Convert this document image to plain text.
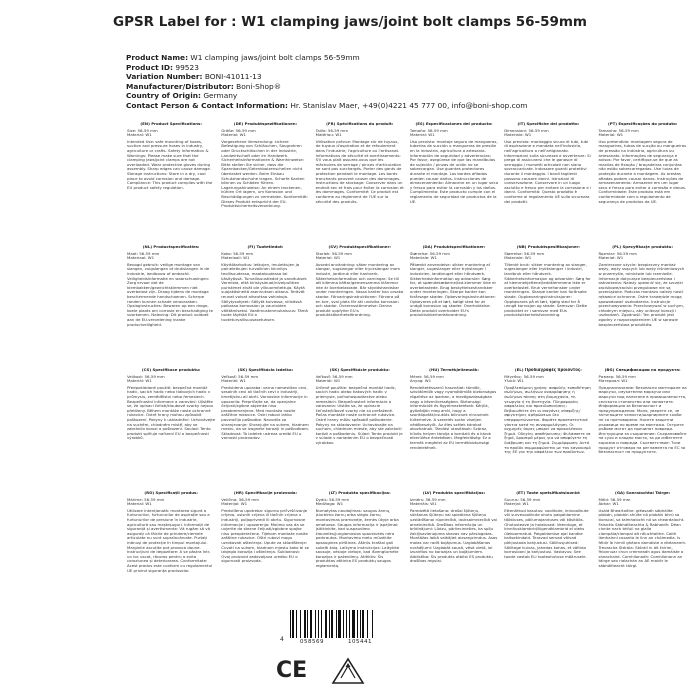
GPSR Label for : W1 clamping jaws/joint bolt clamps 56-59mm
Product Name: W1 clamping jaws/joint bolt clamps 56-59mm
Product ID: 99523
Variation Number: BONI-41011-13
Manufacturer/Distributor: Boni-Shop®
Country of Origin: Germany
Contact Person & Contact Information: Hr. Stanislav Maer, +49(0)4221 45 777 00, info@boni-shop.com
(EN) Product Specifications:
Size: 56-59 mm
Material: W1
Intended Use: safe mounting of hoses, suction and pressure hoses in industry, agriculture or crafts. Safety Information & Warnings: Please make sure that the clamping jaws/joint clamps are not overloaded. Wear protective gloves during assembly. Sharp edges can cause damage. Storage instructions: Store in a dry, cool place to avoid corrosion and damage. Compliance: This product complies with the EU product safety regulation.
(DE) Produktspezifikationen:
Größe: 56-59 mm
Material: W1
Vorgesehene Verwendung: sichere Befestigung von Schläuchen, Saugrohren oder Druckschläuchen in der Industrie, Landwirtschaft oder im Handwerk. Sicherheitsinformationen & Warnhinweise: Bitte stellen Sie sicher, dass die Spannbacken/Gelenkbolzenschellen nicht überlastet werden. Beim Einbau Schutzhandschuhe tragen. Scharfe Kanten können zu Schäden führen. Lagerungshinweise: An einem trockenen, kühlen Ort lagern, um Korrosion und Beschädigungen zu vermeiden. Konformität: Dieses Produkt entspricht der EU-Produktsicherheitsverordnung.
(FR) Spécifications du produit:
Taille: 56-59 mm
Matériau: W1
Utilisation prévue: Montage sûr de tuyaux, de tuyaux d'aspiration et de refoulement dans l'industrie, l'agriculture ou l'artisanat. Informations de sécurité et avertissements: S'il vous plaît assurez-vous que les mâchoires de serrage / pinces d'articulation ne sont pas surchargés. Porter des gants de protection pendant le montage. Les bords tranchants peuvent causer des dommages. Instructions de stockage: Conserver dans un endroit sec et frais pour éviter la corrosion et les dommages. Conformité: Ce produit est conforme au règlement de l'UE sur la sécurité des produits.
(ES) Especificaciones del producto:
Tamaño: 56-59 mm
Material: W1
Uso previsto: montaje seguro de mangueras, tuberías de succión o mangueras de presión en la industria, agricultura o artesanía. Información de seguridad y advertencias: Por favor, asegúrese de que las mandíbulas de sujeción / pinzas de unión no se sobrecargan. Use guantes protectores durante el montaje. Los bordes afilados pueden causar daños. Instrucciones de almacenamiento: Almacene en un lugar seco y fresco para evitar la corrosión y los daños. Cumplimiento: Este producto cumple con el reglamento de seguridad de productos de la UE.
(IT) Specifiche del prodotto:
Dimensioni: 56-59 mm
Materiale: W1
Uso previsto: montaggio sicuro di tubi, tubi di aspirazione e mandata nell'industria, nell'agricoltura o nell'artigianato. Informazioni sulla sicurezza e avvertenze: Si prega di assicurarsi che le ganasce di serraggio / morsetti articolati non siano sovraccaricate. Indossare guanti protettivi durante il montaggio. I bordi taglienti possono causare danni. Istruzioni di conservazione: Conservare in un luogo asciutto e fresco per evitare la corrosione e i danni. Conformità: Questo prodotto è conforme al regolamento UE sulla sicurezza dei prodotti.
(PT) Especificações do produto:
Tamanho: 56-59 mm
Material: W1
Uso pretendido: montagem segura de mangueiras, tubos de sucção ou mangueiras de pressão na indústria, agricultura ou artesanato. Informações de segurança e avisos: Por favor, certifique-se de que as maxilas de fixação / braçadeiras conjuntas não estão sobrecarregadas. Use luvas de proteção durante a montagem. As arestas afiadas podem causar danos. Instruções de armazenamento: Armazene em um lugar seco e fresco para evitar a corrosão e danos. Conformidade: Este produto está em conformidade com o regulamento de segurança de produtos da UE.
(NL) Productspecificaties:
Maat: 56-59 mm
Materiaal: W1
Beoogd gebruik: veilige montage van slangen, zuigslangen of drukslangen in de industrie, landbouw of ambacht. Veiligheidsinformatie en waarschuwingen: Zorg ervoor dat de klembakken/gewrichtsklemmen niet overbelast zijn. Draag tijdens de montage beschermende handschoenen. Scherpe randen kunnen schade veroorzaken. Opslaginstructies: Bewaren op een droge, koele plaats om corrosie en beschadiging te voorkomen. Naleving: Dit product voldoet aan de EU-verordening inzake productveiligheid.
(FI) Tuotetiedot:
Koko: 56-59 mm
Materiaali: W1
Käyttötarkoitus: letkujen, imuletkujen ja paineletkujen turvallinen kiinnitys teollisuudessa, maataloudessa tai käsityössä. Turvallisuustiedot ja varoitukset: Varmista, että kiristysleuat/nivelpulttien puristimet eivät ole ylikuormitettuja. Käytä suojakäsineitä asennuksen aikana. Terävät reunat voivat aiheuttaa vahinkoja. Säilytysohjeet: Säilytä kuivassa, viileässä paikassa korroosion ja vaurioiden välttämiseksi. Vaatimustenmukaisuus: Tämä tuote täyttää EU:n tuoteturvallisuusasetuksen.
(SV) Produktspecifikationer:
Storlek: 56-59 mm
Material: W1
Avsedd användning: säker montering av slangar, sugslangar eller tryckslangar inom industri, jordbruk eller hantverk. Säkerhetsinformation och varningar: Se till att klämma käftar/gemensamma klämmor inte är överbelastade. Bär skyddshandskar under monteringen. Vassa kanter kan orsaka skador. Förvaringsinstruktioner: Förvara på en torr, sval plats för att undvika korrosion och skador. Överensstämmelse: Denna produkt uppfyller EU:s produktsäkerhetsförordning.
(DA) Produktspecifikationer:
Størrelse: 56-59 mm
Materiale: W1
Påtænkt anvendelse: sikker montering af slanger, sugeslanger eller trykslanger i industrien, landbruget eller håndværk. Sikkerhedsinformation og advarsler: Sørg for, at spændekæberne/led-klemmer ikke er overbelastede. Brug beskyttelseshandsker under monteringen. Skarpe kanter kan forårsage skader. Opbevaringsinstruktioner: Opbevares på et tørt, køligt sted for at undgå korrosion og skader. Overholdelse: Dette produkt overholder EU's produktsikkerhedsforordning.
(NB) Produktspesifikasjoner:
Størrelse: 56-59 mm
Materiale: W1
Tiltenkt bruk: sikker montering av slanger, sugeslanger eller trykkslanger i industri, landbruk eller håndverk. Sikkerhetsinformasjon og advarsler: Sørg for at klemmekjeftene/leddklemmene ikke er overbelastet. Bruk vernehansker under monteringen. Skarpe kanter kan forårsake skade. Oppbevaringsinstruksjoner: Oppbevares på et tørt, kjølig sted for å unngå korrosjon og skade. Samsvar: Dette produktet er i samsvar med EUs produktsikkerhetsforordning.
(PL) Specyfikacje produktu:
Rozmiar: 56-59 mm
Materiał: W1
Zamierzone użycie: bezpieczny montaż węży, węży ssących lub węży ciśnieniowych w przemyśle, rolnictwie lub rzemiośle. Informacje dotyczące bezpieczeństwa i ostrzeżenia: Należy upewnić się, że szczęki zaciskowe/zaciski przegubowe nie są przeciążone. Podczas montażu należy nosić rękawice ochronne. Ostre krawędzie mogą spowodować uszkodzenia. Instrukcje przechowywania: Przechowywać w suchym, chłodnym miejscu, aby uniknąć korozji i uszkodzeń. Zgodność: Ten produkt jest zgodny z rozporządzeniem UE w sprawie bezpieczeństwa produktów.
(CS) Specifikace produktu:
Velikost: 56-59 mm
Materiál: W1
Předpokládané použití: bezpečná montáž hadic, sacích hadic nebo tlakových hadic v průmyslu, zemědělství nebo řemeslech. Bezpečnostní informace a varování: Ujistěte se, že upínací čelisti/kloubové svorky nejsou přetíženy. Během montáže noste ochranné rukavice. Ostré hrany mohou způsobit poškození. Pokyny k uskladnění: Uchovávejte na suchém, chladném místě, aby se zabránilo korozi a poškození. Soulad: Tento produkt splňuje nařízení EU o bezpečnosti výrobků.
(SK) Špecifikácia izdelka:
Veľkosť: 56-59 mm
Materiál: W1
Predvidená uporaba: varna namestitev cevi, sesalnih cevi ali tlačnih cevi v industriji, kmetijstvu ali obrti. Varnostne informacije in opozorila: Prepričajte se, da vpenjalne čeljusti/zgibne objemke niso preobremenjene. Med montažo nosite zaščitne rokavice. Ostri robovi lahko povzročijo poškodbe. Navodila za shranjevanje: Shranjujte na suhem, hladnem mestu, da se izognete koroziji in poškodbam. Skladnost: Ta izdelek ustreza uredbi EU o varnosti proizvodov.
(SK) Špecifikácie produktu:
Veľkosť: 56-59 mm
Materiál: W1
Určené použitie: bezpečná montáž hadíc, sacích hadíc alebo tlakových hadíc v priemysle, poľnohospodárstve alebo remeslách. Bezpečnostné informácie a varovania: Uistite sa, že upínacie čeľuste/kĺbové svorky nie sú preťažené. Počas montáže noste ochranné rukavice. Ostré hrany môžu spôsobiť poškodenie. Pokyny na skladovanie: Uchovávajte na suchom, chladnom mieste, aby ste zabránili korózii a poškodeniu. Súlad: Tento produkt je v súlade s nariadením EÚ o bezpečnosti výrobkov.
(HU) Termékjellemzők:
Méret: 56-59 mm
Anyag: W1
Rendeltetésszerű használat: tömlők, szívótömlők vagy nyomótömlők biztonságos rögzítése az iparban, a mezőgazdaságban vagy a kézművességben. Biztonsági információk és figyelmeztetések: Kérjük, győződjön meg arról, hogy a szorítópofák/csuklós bilincsek nincsenek túlterhelve. A szerelés során viseljen védőkesztyűt. Az éles szélek károkat okozhatnak. Tárolási utasítások: Száraz, hűvös helyen tárolja a korrózió és a károk elkerülése érdekében. Megfelelőség: Ez a termék megfelel az EU termékbiztonsági rendeletének.
(EL) Προδιαγραφές προϊόντος:
Μέγεθος: 56-59 mm
Υλικό: W1
Προβλεπόμενη χρήση: ασφαλής τοποθέτηση σωλήνων, σωλήνων αναρρόφησης ή σωλήνων πίεσης στη βιομηχανία, τη γεωργία ή τη βιοτεχνία. Πληροφορίες ασφαλείας και προειδοποιήσεις: Βεβαιωθείτε ότι οι σιαγόνες σύσφιξης/σφιγκτήρες αρθρώσεων δεν υπερφορτώνονται. Φοράτε προστατευτικά γάντια κατά τη συναρμολόγηση. Οι αιχμηρές άκρες μπορεί να προκαλέσουν ζημιά. Οδηγίες αποθήκευσης: Φυλάσσετε σε ξηρό, δροσερό μέρος για να αποφύγετε τη διάβρωση και τη ζημιά. Συμμόρφωση: Αυτό το προϊόν συμμορφώνεται με τον κανονισμό της ΕΕ για την ασφάλεια των προϊόντων.
(BG) Спецификации на продукта:
Размер: 56-59 mm
Материал: W1
Предназначение: безопасно монтиране на маркучи, смукателни маркучи или маркучи под налягане в промишлеността, селското стопанство или занаятите. Информация за безопасност и предупреждения: Моля, уверете се, че затягащите челюсти/шарнирните скоби не са претоварени. Носете защитни ръкавици по време на монтажа. Острите ръбове могат да причинят повреди. Инструкции за съхранение: Съхранявайте на сухо и хладно място, за да избегнете корозия и повреди. Съответствие: Този продукт отговаря на регламента на ЕС за безопасност на продуктите.
(RO) Specificații produs:
Mărime: 56-59 mm
Material: W1
Utilizare intenționată: montarea sigură a furtunurilor, furtunurilor de aspirație sau a furtunurilor de presiune în industrie, agricultură sau meșteșuguri. Informații de siguranță și avertismente: Vă rugăm să vă asigurați că fălcile de prindere/clemele articulate nu sunt supraîncărcate. Purtați mănuși de protecție în timpul montajului. Marginile ascuțite pot provoca daune. Instrucțiuni de depozitare: A se păstra într-un loc uscat, răcoros pentru a evita coroziunea și deteriorarea. Conformitate: Acest produs este conform cu regulamentul UE privind siguranța produselor.
(HR) Specifikacije proizvoda:
Veličina: 56-59 mm
Materijal: W1
Predviđena upotreba: sigurno pričvršćivanje crijeva, usisnih crijeva ili tlačnih crijeva u industriji, poljoprivredi ili obrtu. Sigurnosne informacije i upozorenja: Molimo vas da se uvjerite da stezne čeljusti/zglobne spojke nisu preopterećene. Tijekom montaže nosite zaštitne rukavice. Oštri rubovi mogu uzrokovati oštećenja. Upute za skladištenje: Čuvati na suhom, hladnom mjestu kako bi se izbjegla korozija i oštećenja. Sukladnost: Ovaj proizvod zadovoljava uredbu EU o sigurnosti proizvoda.
(LT) Produkto specifikacijos:
Dydis: 56-59 mm
Medžiaga: W1
Numatytas naudojimas: saugus žarnų, įsiurbimo žarnų arba slėgio žarnų montavimas pramonėje, žemės ūkyje arba amatuose. Saugos informacija ir įspėjimai: Įsitikinkite, kad suspaudimo žiaunelės/jungiamosios spaustukės nėra perkrautos. Montavimo metu mūvėkite apsaugines pirštines. Aštrūs kraštai gali sukelti žalą. Laikymo instrukcijos: Laikykite sausoje, vėsioje vietoje, kad išvengtumėte korozijos ir pažeidimų. Atitiktis: Šis produktas atitinka ES produktų saugos reglamentą.
(LV) Produkta specifikācijas:
Izmērs: 56-59 mm
Materiāls: W1
Paredzētā lietošana: drošai šļūteņu, sūkšanas šļūteņu vai spiediena šļūteņu uzstādīšanai rūpniecībā, lauksaimniecībā vai amatniecībā. Drošības informācija un brīdinājumi: Lūdzu, pārliecinieties, ka spīļu žokļi/savienojuma skavas nav pārslogotas. Montāžas laikā valkājiet aizsargcimdus. Asas malas var radīt bojājumus. Uzglabāšanas norādījumi: Uzglabāt sausā, vēsā vietā, lai izvairītos no korozijas un bojājumiem. Atbilstība: Šis produkts atbilst ES produktu drošības regulai.
(ET) Toote spetsifikatsioonid:
Suurus: 56-59 mm
Materjal: W1
Ettenähtud kasutus: voolikute, imivoolikute või survevoolikute ohutu paigaldamine tööstuses, põllumajanduses või käsitöös. Ohutusteave ja hoiatused: Veenduge, et kinnitusklambrid/liigendklambrid ei oleks ülekoormatud. Paigaldamise ajal kandke kaitsekindaid. Teravad servad võivad põhjustada kahjustusi. Säilitusjuhised: Säilitage kuivas, jahedas kohas, et vältida korrosiooni ja kahjustusi. Vastavus: See toode vastab ELi tooteohutuse määrusele.
(GA) Sonraíochtaí Táirge:
Méid: 56-59 mm
Ábhar: W1
Úsáid Bheartaithe: gléasadh sábháilte píobán, píobáin shúite nó píobáin bhrú sa tionscal, sa talmhaíocht nó sa cheardaíocht. Faisnéis Sábháilteachta & Rabhaidh: Déan cinnte nach bhfuil na gialla clampála/clampaí alt róluchtaithe. Caith lámhainní cosanta le linn an chóimeála. Is féidir le himill ghéara damáiste a dhéanamh. Treoracha Stórála: Stóráil in áit thirim, fhionnuar chun creimeadh agus damáiste a sheachaint. Comhlíonadh: Comhlíonann an táirge seo rialachán an AE maidir le sábháilteacht táirgí.
4	058569	105441
CE
